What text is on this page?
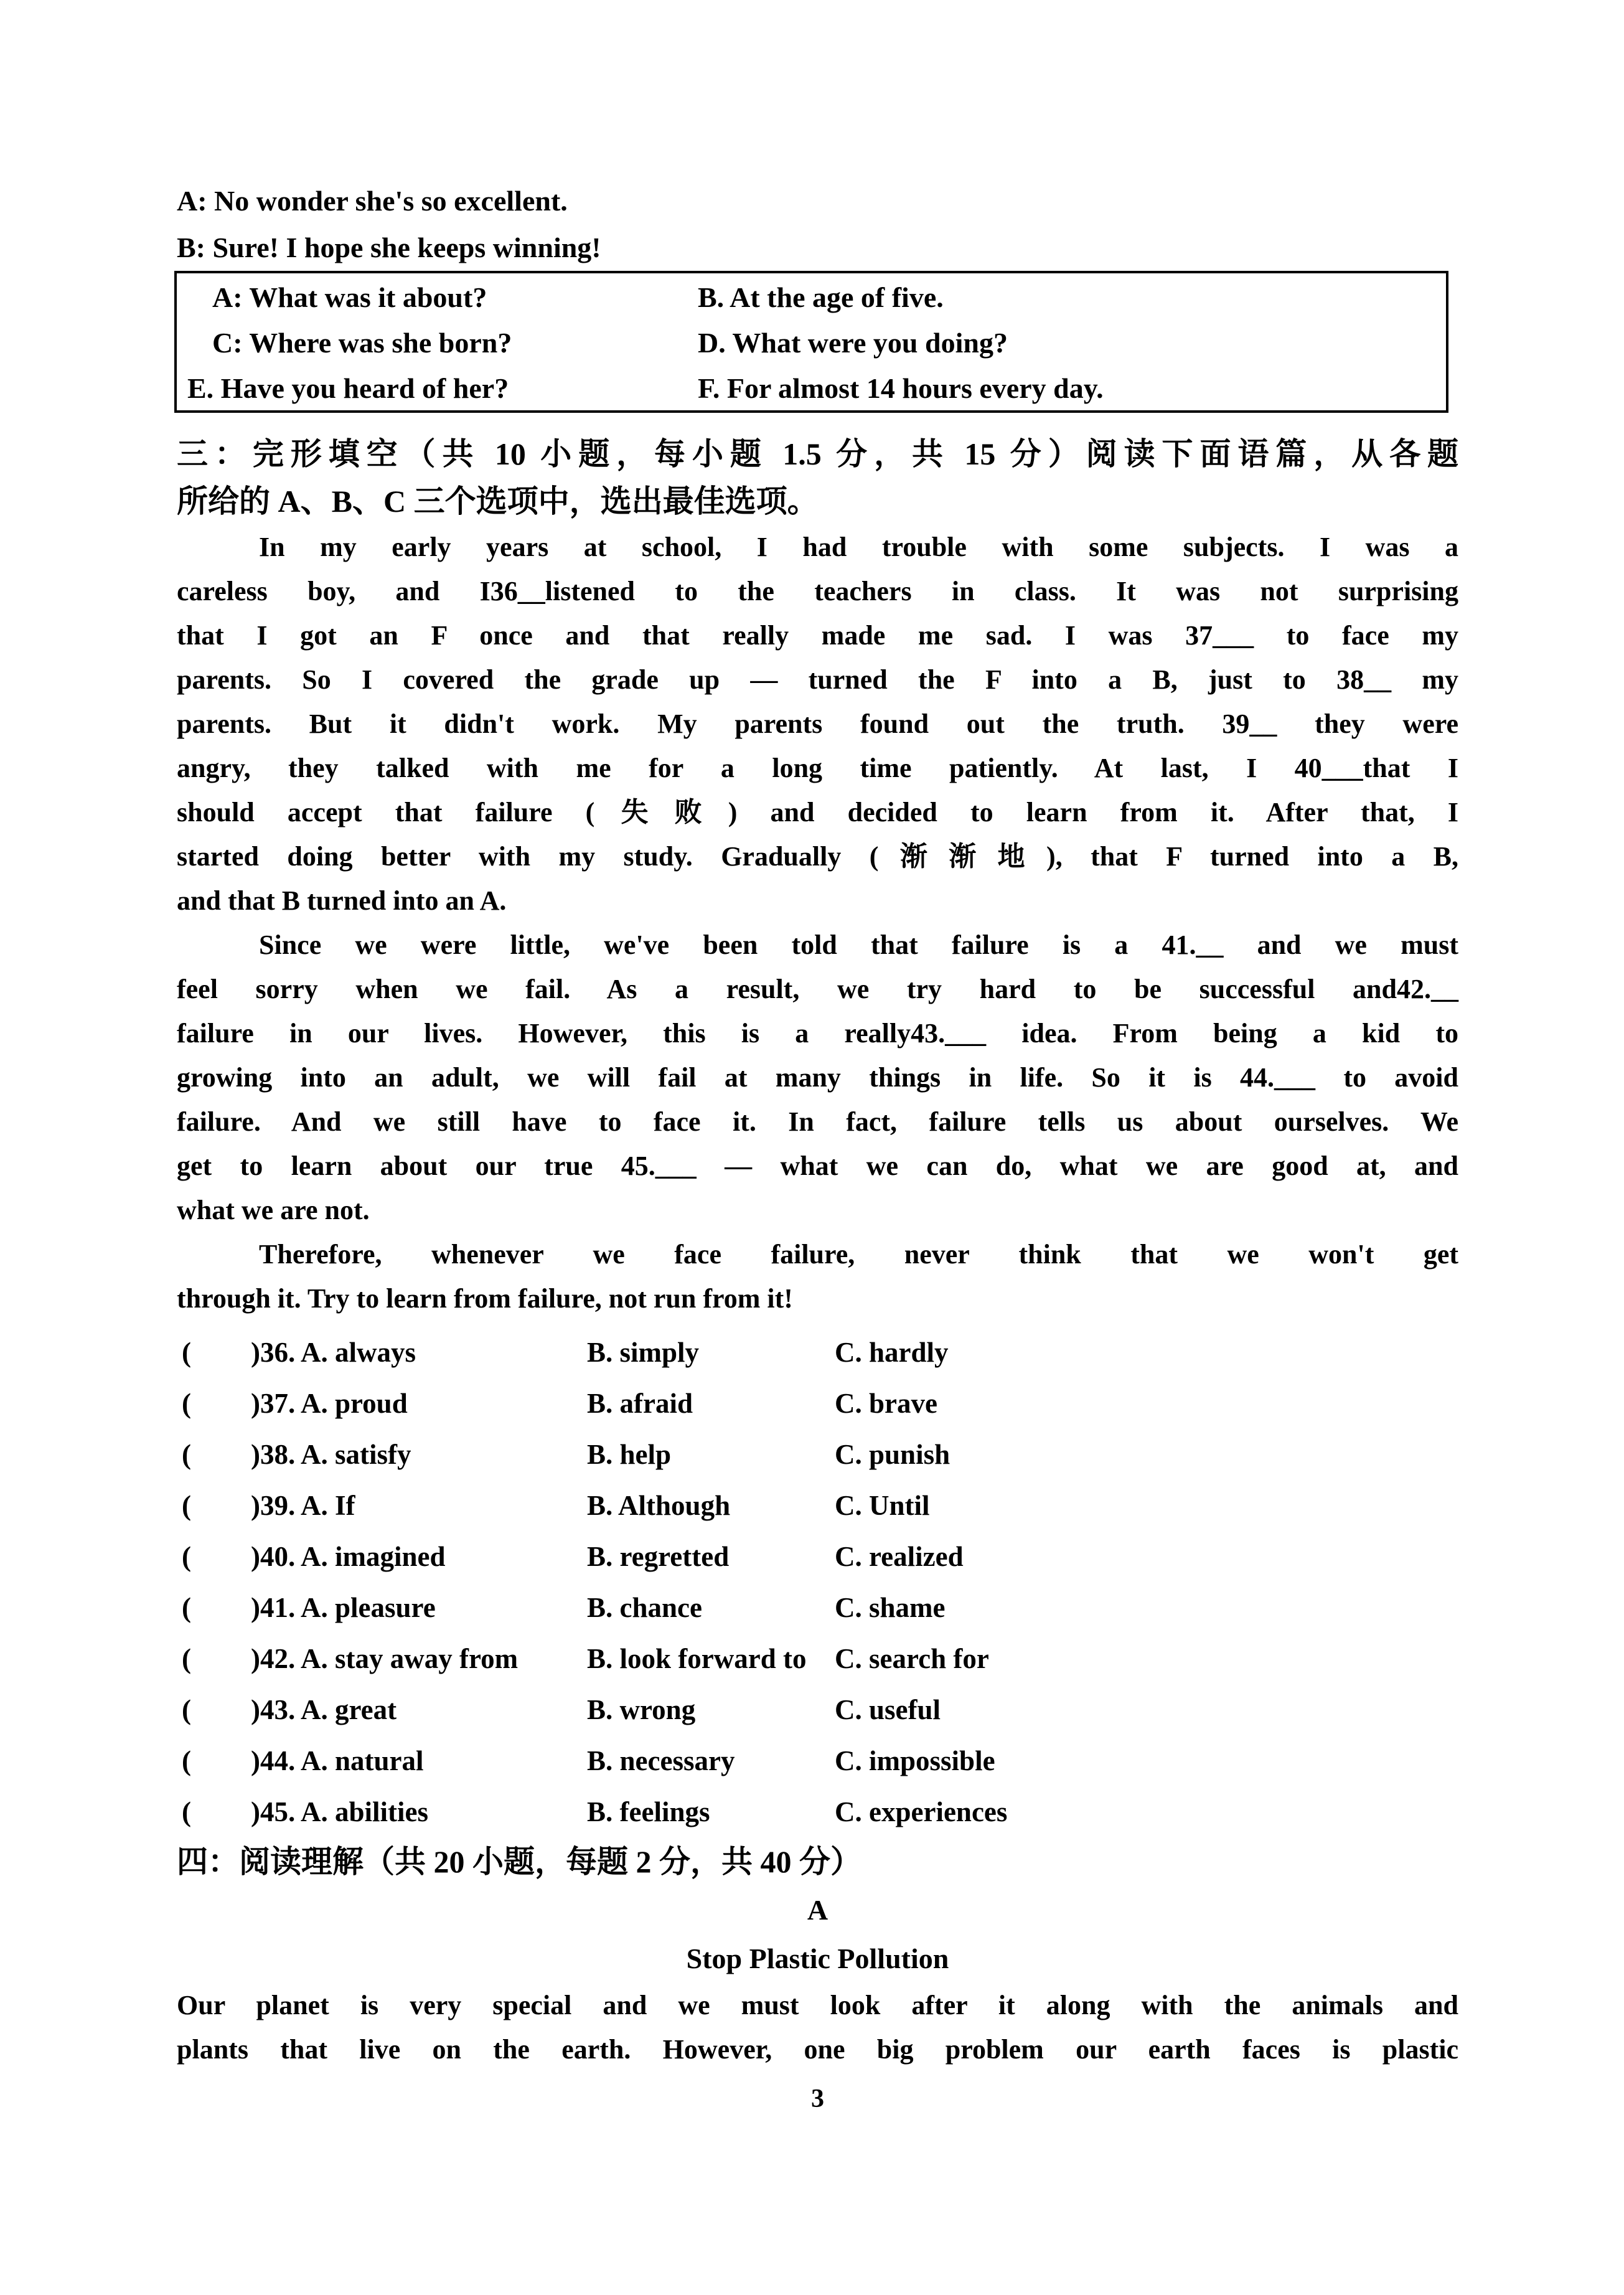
A: No wonder she's so excellent.
B: Sure! I hope she keeps winning!
A: What was it about?	B. At the age of five.
C: Where was she born?	D. What were you doing?
E. Have you heard of her?	F. For almost 14 hours every day.
三：完形填空（共 10 小题，每小题 1.5 分，共 15 分）阅读下面语篇，从各题
所给的 A、B、C 三个选项中，选出最佳选项。
In my early years at school, I had trouble with some subjects. I was a
careless boy, and I36__listened to the teachers in class. It was not surprising
that I got an F once and that really made me sad. I was 37___ to face my
parents. So I covered the grade up — turned the F into a B, just to 38__ my
parents. But it didn't work. My parents found out the truth. 39__ they were
angry, they talked with me for a long time patiently. At last, I 40___that I
should accept that failure (失败) and decided to learn from it. After that, I
started doing better with my study. Gradually (渐渐地), that F turned into a B,
and that B turned into an A.
Since we were little, we've been told that failure is a 41.__ and we must
feel sorry when we fail. As a result, we try hard to be successful and42.__
failure in our lives. However, this is a really43.___ idea. From being a kid to
growing into an adult, we will fail at many things in life. So it is 44.___ to avoid
failure. And we still have to face it. In fact, failure tells us about ourselves. We
get to learn about our true 45.___ — what we can do, what we are good at, and
what we are not.
Therefore, whenever we face failure, never think that we won't get
through it. Try to learn from failure, not run from it!
(	)36. A. always	B. simply	C. hardly
(	)37. A. proud	B. afraid	C. brave
(	)38. A. satisfy	B. help	C. punish
(	)39. A. If	B. Although	C. Until
(	)40. A. imagined	B. regretted	C. realized
(	)41. A. pleasure	B. chance	C. shame
(	)42. A. stay away from	B. look forward to	C. search for
(	)43. A. great	B. wrong	C. useful
(	)44. A. natural	B. necessary	C. impossible
(	)45. A. abilities	B. feelings	C. experiences
四：阅读理解（共 20 小题，每题 2 分，共 40 分）
A
Stop Plastic Pollution
Our planet is very special and we must look after it along with the animals and
plants that live on the earth. However, one big problem our earth faces is plastic
3
